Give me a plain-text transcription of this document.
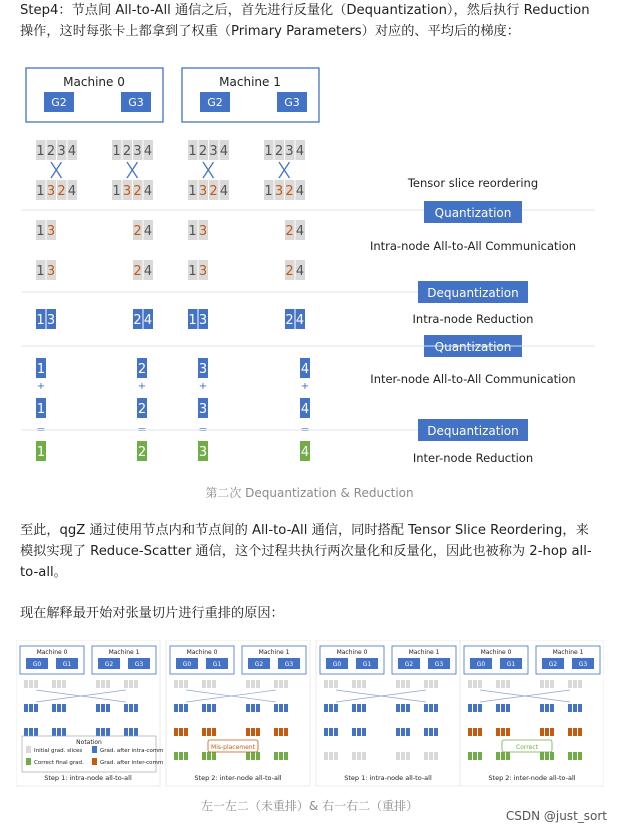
Step4：节点间 All-to-All 通信之后，首先进行反量化（Dequantization），然后执行 Reduction 操作，这时每张卡上都拿到了权重（Primary Parameters）对应的、平均后的梯度：
Machine 0
G2	G3
Machine 1
G2	G3
1 2 3 4	1 2 3 4	1 2 3 4	1 2 3 4
1 3 2 4	1 3 2 4	1 3 2 4	1 3 2 4
Tensor slice reordering
Quantization
1 3	2 4	1 3	2 4
Intra-node All-to-All Communication
1 3	2 4	1 3	2 4
Dequantization
1 3	2 4	1 3	2 4	Intra-node Reduction
Quantization
1	2	3	4
+	+	+	+
Inter-node All-to-All Communication
1	2	3	4
=	=	=	=	Dequantization
1	2	3	4	Inter-node Reduction
第二次 Dequantization & Reduction
至此，qgZ 通过使用节点内和节点间的 All-to-All 通信，同时搭配 Tensor Slice Reordering，来模拟实现了 Reduce-Scatter 通信，这个过程共执行两次量化和反量化，因此也被称为 2-hop all-to-all。
现在解释最开始对张量切片进行重排的原因：
Machine 0
G0	G1
Machine 1
G2	G3
Step 1: intra-node all-to-all
Machine 0
G0	G1
Machine 1
G2	G3
Mis-placement
Step 2: inter-node all-to-all
Machine 0
G0	G1
Machine 1
G2	G3
Step 1: intra-node all-to-all
Machine 0
G0	G1
Machine 1
G2	G3
Correct
Step 2: inter-node all-to-all
Notation
Initial grad. slices	Grad. after intra-comm
Correct final grad.	Grad. after inter-comm
左一左二（未重排）& 右一右二（重排）
CSDN @just_sort
